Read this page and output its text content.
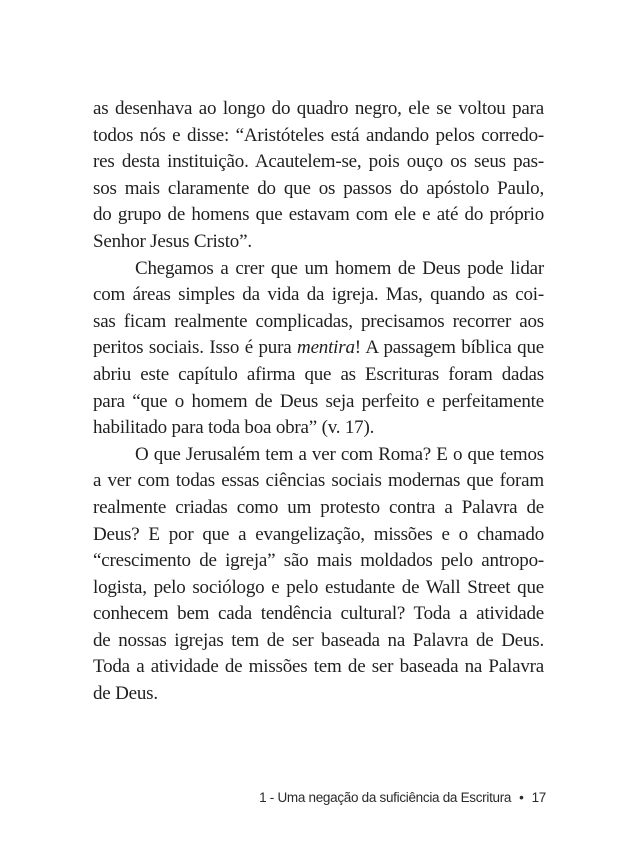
as desenhava ao longo do quadro negro, ele se voltou para
todos nós e disse: “Aristóteles está andando pelos corredo-
res desta instituição. Acautelem-se, pois ouço os seus pas-
sos mais claramente do que os passos do apóstolo Paulo,
do grupo de homens que estavam com ele e até do próprio
Senhor Jesus Cristo”.
Chegamos a crer que um homem de Deus pode lidar
com áreas simples da vida da igreja. Mas, quando as coi-
sas ficam realmente complicadas, precisamos recorrer aos
peritos sociais. Isso é pura mentira! A passagem bíblica que
abriu este capítulo afirma que as Escrituras foram dadas
para “que o homem de Deus seja perfeito e perfeitamente
habilitado para toda boa obra” (v. 17).
O que Jerusalém tem a ver com Roma? E o que temos
a ver com todas essas ciências sociais modernas que foram
realmente criadas como um protesto contra a Palavra de
Deus? E por que a evangelização, missões e o chamado
“crescimento de igreja” são mais moldados pelo antropo-
logista, pelo sociólogo e pelo estudante de Wall Street que
conhecem bem cada tendência cultural? Toda a atividade
de nossas igrejas tem de ser baseada na Palavra de Deus.
Toda a atividade de missões tem de ser baseada na Palavra
de Deus.
1 - Uma negação da suficiência da Escritura • 17
